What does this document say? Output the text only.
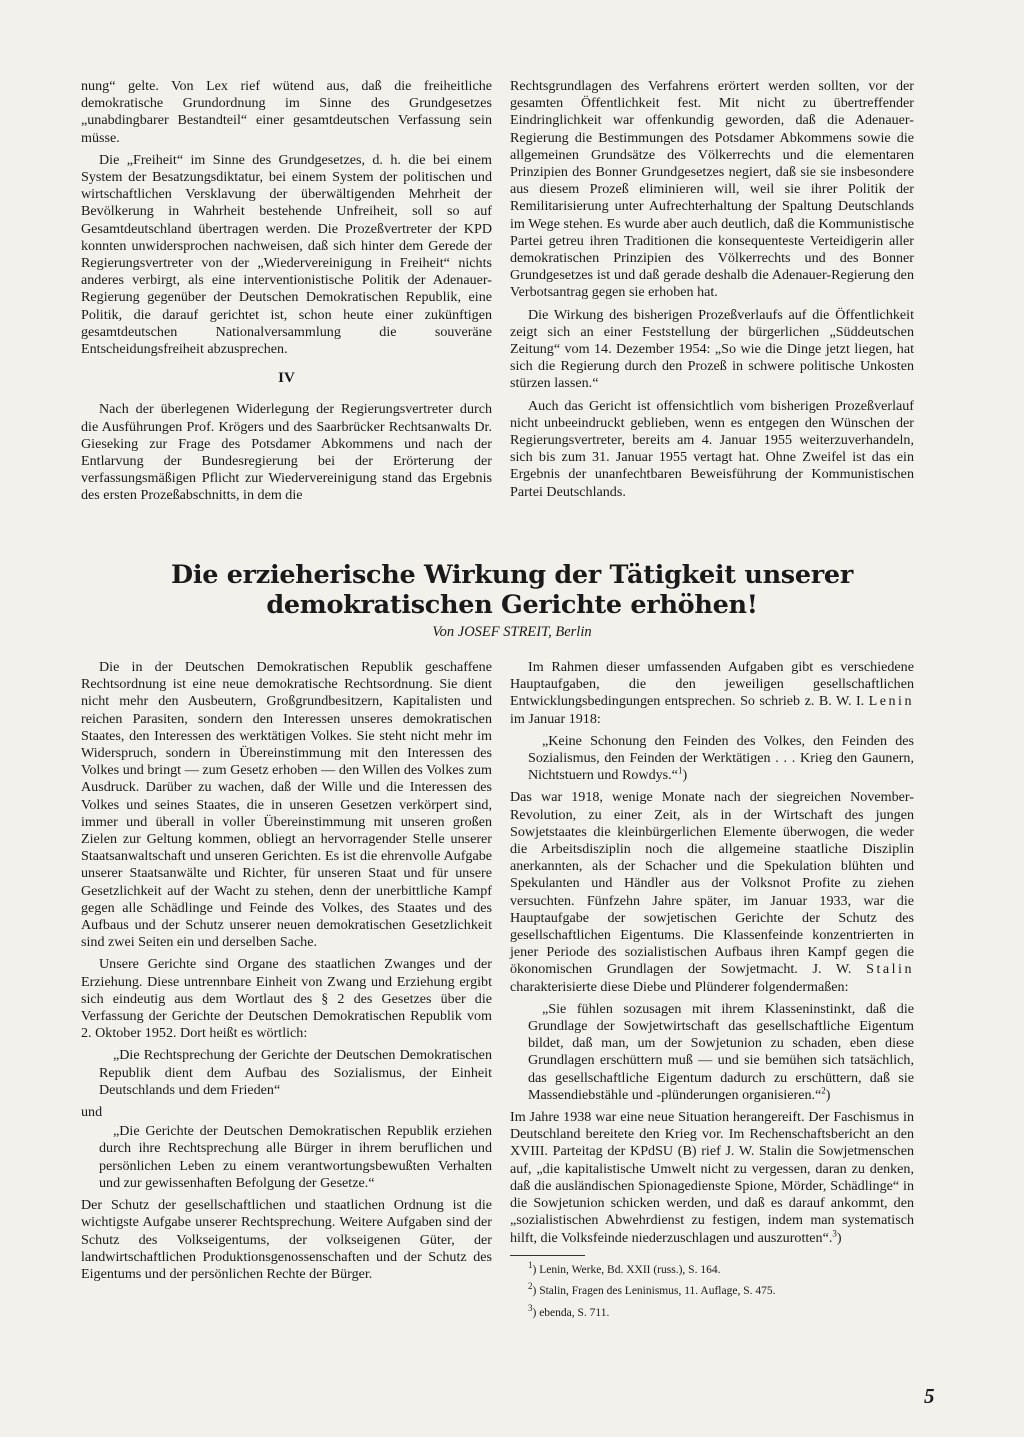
nung“ gelte. Von Lex rief wütend aus, daß die freiheitliche demokratische Grundordnung im Sinne des Grundgesetzes „unabdingbarer Bestandteil“ einer gesamtdeutschen Verfassung sein müsse.

Die „Freiheit“ im Sinne des Grundgesetzes, d. h. die bei einem System der Besatzungsdiktatur, bei einem System der politischen und wirtschaftlichen Versklavung der überwältigenden Mehrheit der Bevölkerung in Wahrheit bestehende Unfreiheit, soll so auf Gesamtdeutschland übertragen werden. Die Prozeßvertreter der KPD konnten unwidersprochen nachweisen, daß sich hinter dem Gerede der Regierungsvertreter von der „Wiedervereinigung in Freiheit“ nichts anderes verbirgt, als eine interventionistische Politik der Adenauer-Regierung gegenüber der Deutschen Demokratischen Republik, eine Politik, die darauf gerichtet ist, schon heute einer zukünftigen gesamtdeutschen Nationalversammlung die souveräne Entscheidungsfreiheit abzusprechen.

IV

Nach der überlegenen Widerlegung der Regierungsvertreter durch die Ausführungen Prof. Krögers und des Saarbrücker Rechtsanwalts Dr. Gieseking zur Frage des Potsdamer Abkommens und nach der Entlarvung der Bundesregierung bei der Erörterung der verfassungsmäßigen Pflicht zur Wiedervereinigung stand das Ergebnis des ersten Prozeßabschnitts, in dem die

Rechtsgrundlagen des Verfahrens erörtert werden sollten, vor der gesamten Öffentlichkeit fest. Mit nicht zu übertreffender Eindringlichkeit war offenkundig geworden, daß die Adenauer-Regierung die Bestimmungen des Potsdamer Abkommens sowie die allgemeinen Grundsätze des Völkerrechts und die elementaren Prinzipien des Bonner Grundgesetzes negiert, daß sie sie insbesondere aus diesem Prozeß eliminieren will, weil sie ihrer Politik der Remilitarisierung unter Aufrechterhaltung der Spaltung Deutschlands im Wege stehen. Es wurde aber auch deutlich, daß die Kommunistische Partei getreu ihren Traditionen die konsequenteste Verteidigerin aller demokratischen Prinzipien des Völkerrechts und des Bonner Grundgesetzes ist und daß gerade deshalb die Adenauer-Regierung den Verbotsantrag gegen sie erhoben hat.

Die Wirkung des bisherigen Prozeßverlaufs auf die Öffentlichkeit zeigt sich an einer Feststellung der bürgerlichen „Süddeutschen Zeitung“ vom 14. Dezember 1954: „So wie die Dinge jetzt liegen, hat sich die Regierung durch den Prozeß in schwere politische Unkosten stürzen lassen.“

Auch das Gericht ist offensichtlich vom bisherigen Prozeßverlauf nicht unbeeindruckt geblieben, wenn es entgegen den Wünschen der Regierungsvertreter, bereits am 4. Januar 1955 weiterzuverhandeln, sich bis zum 31. Januar 1955 vertagt hat. Ohne Zweifel ist das ein Ergebnis der unanfechtbaren Beweisführung der Kommunistischen Partei Deutschlands.

Die erzieherische Wirkung der Tätigkeit unserer
demokratischen Gerichte erhöhen!
Von JOSEF STREIT, Berlin

Die in der Deutschen Demokratischen Republik geschaffene Rechtsordnung ist eine neue demokratische Rechtsordnung. Sie dient nicht mehr den Ausbeutern, Großgrundbesitzern, Kapitalisten und reichen Parasiten, sondern den Interessen unseres demokratischen Staates, den Interessen des werktätigen Volkes. Sie steht nicht mehr im Widerspruch, sondern in Übereinstimmung mit den Interessen des Volkes und bringt — zum Gesetz erhoben — den Willen des Volkes zum Ausdruck. Darüber zu wachen, daß der Wille und die Interessen des Volkes und seines Staates, die in unseren Gesetzen verkörpert sind, immer und überall in voller Übereinstimmung mit unseren großen Zielen zur Geltung kommen, obliegt an hervorragender Stelle unserer Staatsanwaltschaft und unseren Gerichten. Es ist die ehrenvolle Aufgabe unserer Staatsanwälte und Richter, für unseren Staat und für unsere Gesetzlichkeit auf der Wacht zu stehen, denn der unerbittliche Kampf gegen alle Schädlinge und Feinde des Volkes, des Staates und des Aufbaus und der Schutz unserer neuen demokratischen Gesetzlichkeit sind zwei Seiten ein und derselben Sache.

Unsere Gerichte sind Organe des staatlichen Zwanges und der Erziehung. Diese untrennbare Einheit von Zwang und Erziehung ergibt sich eindeutig aus dem Wortlaut des § 2 des Gesetzes über die Verfassung der Gerichte der Deutschen Demokratischen Republik vom 2. Oktober 1952. Dort heißt es wörtlich:

„Die Rechtsprechung der Gerichte der Deutschen Demokratischen Republik dient dem Aufbau des Sozialismus, der Einheit Deutschlands und dem Frieden“

und

„Die Gerichte der Deutschen Demokratischen Republik erziehen durch ihre Rechtsprechung alle Bürger in ihrem beruflichen und persönlichen Leben zu einem verantwortungsbewußten Verhalten und zur gewissenhaften Befolgung der Gesetze.“

Der Schutz der gesellschaftlichen und staatlichen Ordnung ist die wichtigste Aufgabe unserer Rechtsprechung. Weitere Aufgaben sind der Schutz des Volkseigentums, der volkseigenen Güter, der landwirtschaftlichen Produktionsgenossenschaften und der Schutz des Eigentums und der persönlichen Rechte der Bürger.

Im Rahmen dieser umfassenden Aufgaben gibt es verschiedene Hauptaufgaben, die den jeweiligen gesellschaftlichen Entwicklungsbedingungen entsprechen. So schrieb z. B. W. I. Lenin im Januar 1918:

„Keine Schonung den Feinden des Volkes, den Feinden des Sozialismus, den Feinden der Werktätigen . . . Krieg den Gaunern, Nichtstuern und Rowdys.“$^1$)

Das war 1918, wenige Monate nach der siegreichen November-Revolution, zu einer Zeit, als in der Wirtschaft des jungen Sowjetstaates die kleinbürgerlichen Elemente überwogen, die weder die Arbeitsdisziplin noch die allgemeine staatliche Disziplin anerkannten, als der Schacher und die Spekulation blühten und Spekulanten und Händler aus der Volksnot Profite zu ziehen versuchten. Fünfzehn Jahre später, im Januar 1933, war die Hauptaufgabe der sowjetischen Gerichte der Schutz des gesellschaftlichen Eigentums. Die Klassenfeinde konzentrierten in jener Periode des sozialistischen Aufbaus ihren Kampf gegen die ökonomischen Grundlagen der Sowjetmacht. J. W. Stalin charakterisierte diese Diebe und Plünderer folgendermaßen:

„Sie fühlen sozusagen mit ihrem Klasseninstinkt, daß die Grundlage der Sowjetwirtschaft das gesellschaftliche Eigentum bildet, daß man, um der Sowjetunion zu schaden, eben diese Grundlagen erschüttern muß — und sie bemühen sich tatsächlich, das gesellschaftliche Eigentum dadurch zu erschüttern, daß sie Massendiebstähle und -plünderungen organisieren.“$^2$)

Im Jahre 1938 war eine neue Situation herangereift. Der Faschismus in Deutschland bereitete den Krieg vor. Im Rechenschaftsbericht an den XVIII. Parteitag der KPdSU (B) rief J. W. Stalin die Sowjetmenschen auf, „die kapitalistische Umwelt nicht zu vergessen, daran zu denken, daß die ausländischen Spionagedienste Spione, Mörder, Schädlinge“ in die Sowjetunion schicken werden, und daß es darauf ankommt, den „sozialistischen Abwehrdienst zu festigen, indem man systematisch hilft, die Volksfeinde niederzuschlagen und auszurotten“.$^3$)

$^1$) Lenin, Werke, Bd. XXII (russ.), S. 164.

$^2$) Stalin, Fragen des Leninismus, 11. Auflage, S. 475.

$^3$) ebenda, S. 711.

5
